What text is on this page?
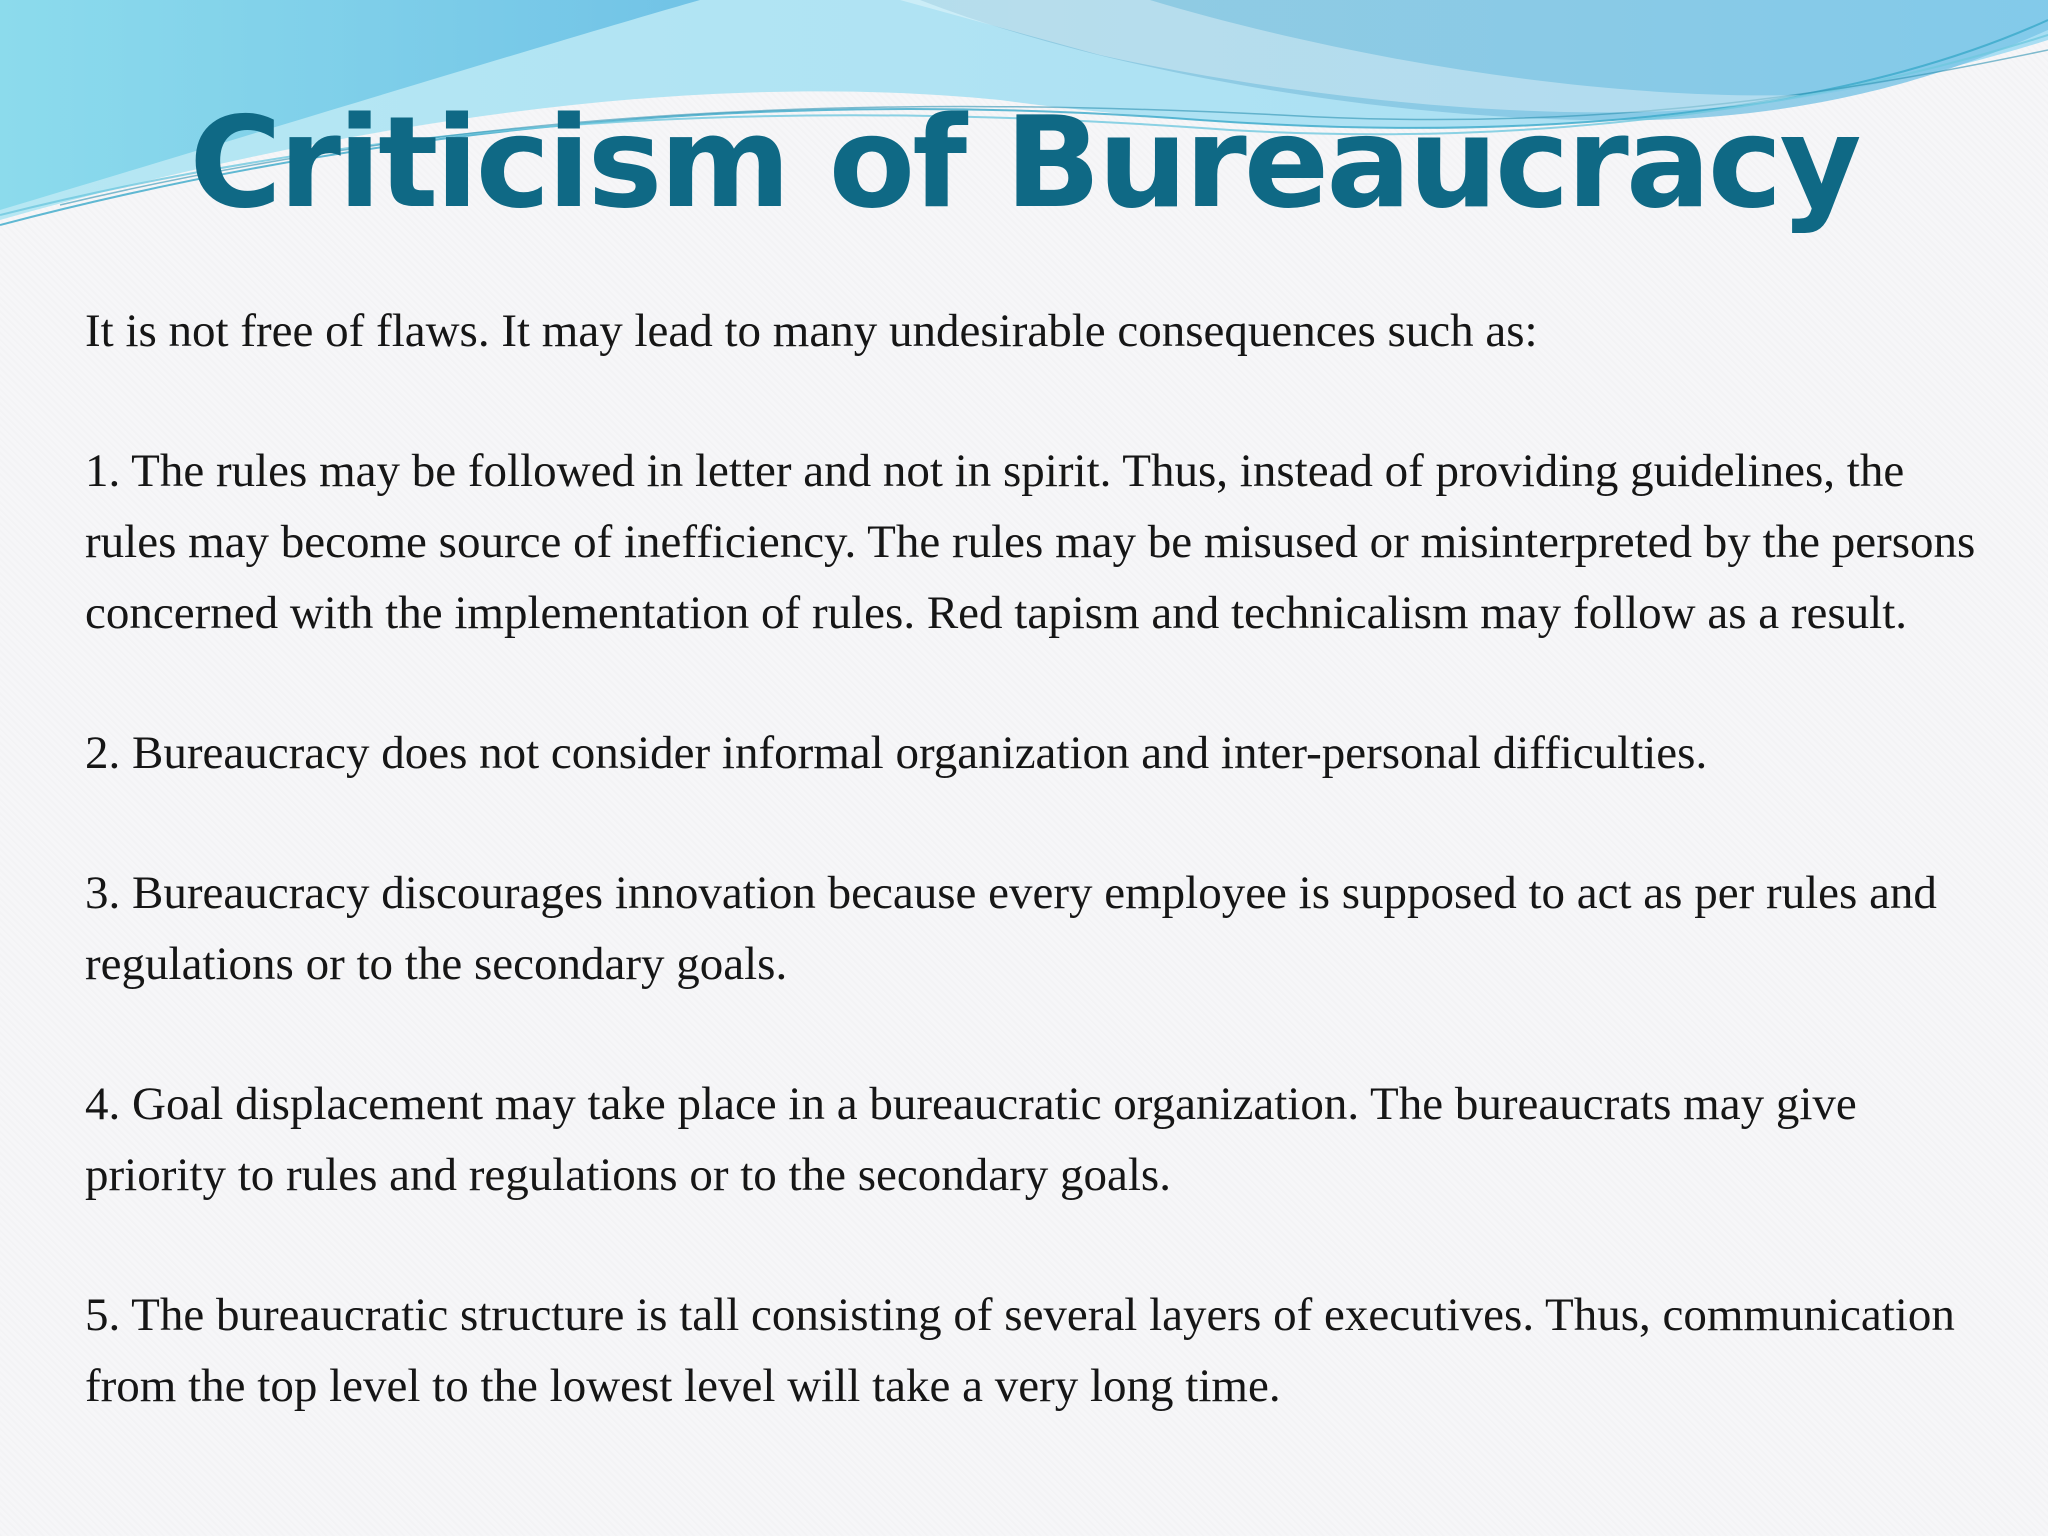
Criticism of Bureaucracy

It is not free of flaws. It may lead to many undesirable consequences such as:

1. The rules may be followed in letter and not in spirit. Thus, instead of providing guidelines, the rules may become source of inefficiency. The rules may be misused or misinterpreted by the persons concerned with the implementation of rules. Red tapism and technicalism may follow as a result.

2. Bureaucracy does not consider informal organization and inter-personal difficulties.

3. Bureaucracy discourages innovation because every employee is supposed to act as per rules and regulations or to the secondary goals.

4. Goal displacement may take place in a bureaucratic organization. The bureaucrats may give priority to rules and regulations or to the secondary goals.

5. The bureaucratic structure is tall consisting of several layers of executives. Thus, communication from the top level to the lowest level will take a very long time.
